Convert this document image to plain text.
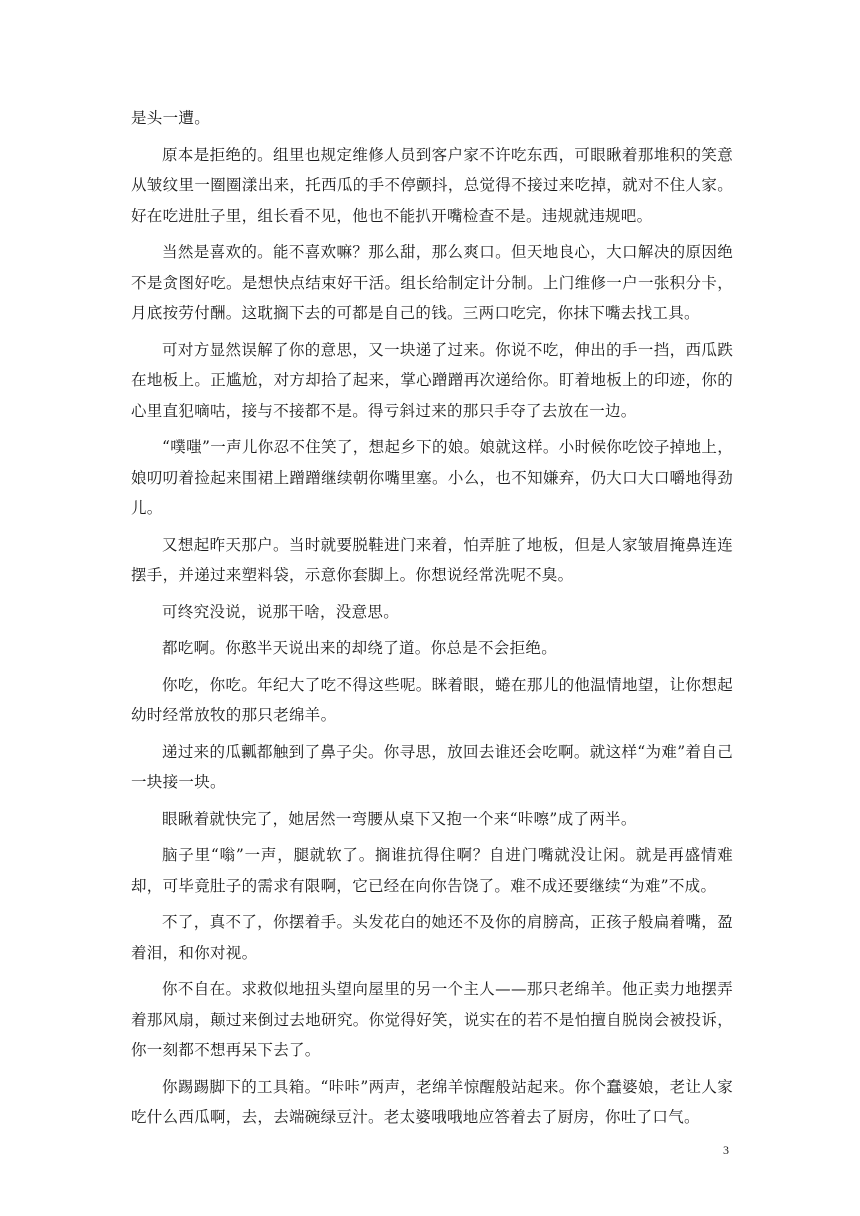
是头一遭。

原本是拒绝的。组里也规定维修人员到客户家不许吃东西，可眼瞅着那堆积的笑意从皱纹里一圈圈漾出来，托西瓜的手不停颤抖，总觉得不接过来吃掉，就对不住人家。好在吃进肚子里，组长看不见，他也不能扒开嘴检查不是。违规就违规吧。

当然是喜欢的。能不喜欢嘛？那么甜，那么爽口。但天地良心，大口解决的原因绝不是贪图好吃。是想快点结束好干活。组长给制定计分制。上门维修一户一张积分卡，月底按劳付酬。这耽搁下去的可都是自己的钱。三两口吃完，你抹下嘴去找工具。

可对方显然误解了你的意思，又一块递了过来。你说不吃，伸出的手一挡，西瓜跌在地板上。正尴尬，对方却拾了起来，掌心蹭蹭再次递给你。盯着地板上的印迹，你的心里直犯嘀咕，接与不接都不是。得亏斜过来的那只手夺了去放在一边。

“噗嗤”一声儿你忍不住笑了，想起乡下的娘。娘就这样。小时候你吃饺子掉地上，娘叨叨着捡起来围裙上蹭蹭继续朝你嘴里塞。小么，也不知嫌弃，仍大口大口嚼地得劲儿。

又想起昨天那户。当时就要脱鞋进门来着，怕弄脏了地板，但是人家皱眉掩鼻连连摆手，并递过来塑料袋，示意你套脚上。你想说经常洗呢不臭。

可终究没说，说那干啥，没意思。

都吃啊。你憨半天说出来的却绕了道。你总是不会拒绝。

你吃，你吃。年纪大了吃不得这些呢。眯着眼，蜷在那儿的他温情地望，让你想起幼时经常放牧的那只老绵羊。

递过来的瓜瓤都触到了鼻子尖。你寻思，放回去谁还会吃啊。就这样“为难”着自己一块接一块。

眼瞅着就快完了，她居然一弯腰从桌下又抱一个来“咔嚓”成了两半。

脑子里“嗡”一声，腿就软了。搁谁抗得住啊？自进门嘴就没让闲。就是再盛情难却，可毕竟肚子的需求有限啊，它已经在向你告饶了。难不成还要继续“为难”不成。

不了，真不了，你摆着手。头发花白的她还不及你的肩膀高，正孩子般扁着嘴，盈着泪，和你对视。

你不自在。求救似地扭头望向屋里的另一个主人——那只老绵羊。他正卖力地摆弄着那风扇，颠过来倒过去地研究。你觉得好笑，说实在的若不是怕擅自脱岗会被投诉，你一刻都不想再呆下去了。

你踢踢脚下的工具箱。“咔咔”两声，老绵羊惊醒般站起来。你个蠢婆娘，老让人家吃什么西瓜啊，去，去端碗绿豆汁。老太婆哦哦地应答着去了厨房，你吐了口气。

3
